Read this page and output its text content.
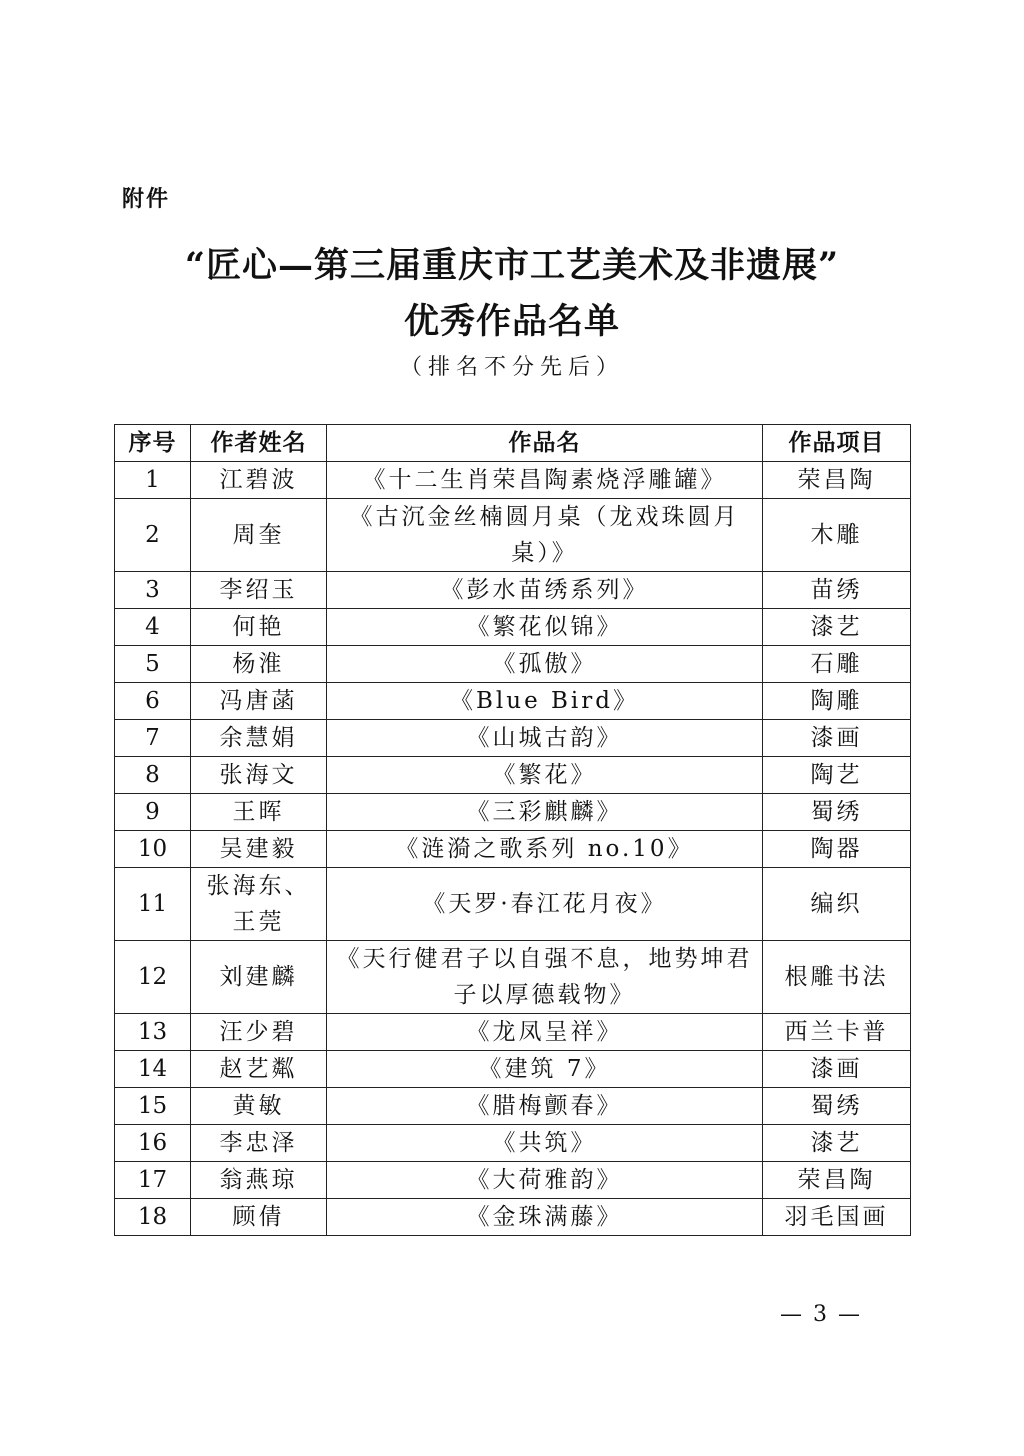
附件
“匠心—第三届重庆市工艺美术及非遗展”
优秀作品名单
（排名不分先后）
序号	作者姓名	作品名	作品项目
1	江碧波	《十二生肖荣昌陶素烧浮雕罐》	荣昌陶
2	周奎	《古沉金丝楠圆月桌（龙戏珠圆月桌）》	木雕
3	李绍玉	《彭水苗绣系列》	苗绣
4	何艳	《繁花似锦》	漆艺
5	杨淮	《孤傲》	石雕
6	冯唐菡	《Blue Bird》	陶雕
7	余慧娟	《山城古韵》	漆画
8	张海文	《繁花》	陶艺
9	王晖	《三彩麒麟》	蜀绣
10	吴建毅	《涟漪之歌系列 no.10》	陶器
11	张海东、王莞	《天罗·春江花月夜》	编织
12	刘建麟	《天行健君子以自强不息，地势坤君子以厚德载物》	根雕书法
13	汪少碧	《龙凤呈祥》	西兰卡普
14	赵艺粼	《建筑 7》	漆画
15	黄敏	《腊梅颤春》	蜀绣
16	李忠泽	《共筑》	漆艺
17	翁燕琼	《大荷雅韵》	荣昌陶
18	顾倩	《金珠满藤》	羽毛国画
— 3 —
